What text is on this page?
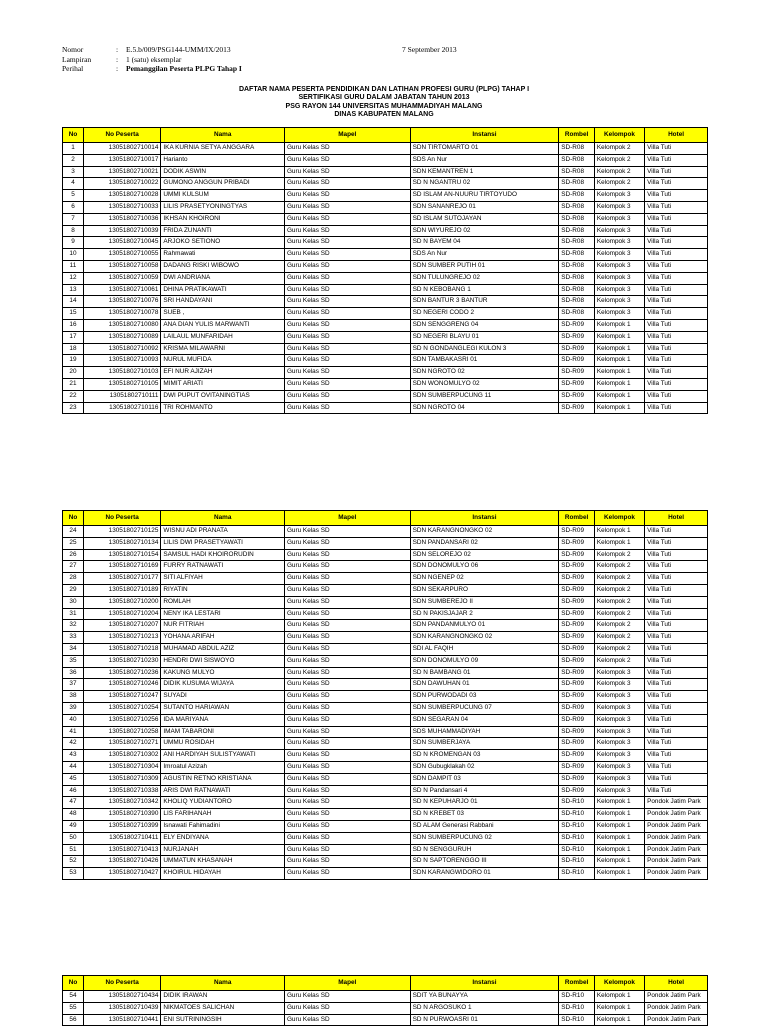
Nomor	: E.5.b/009/PSG144-UMM/IX/2013	7 September 2013
Lampiran	: 1 (satu) eksemplar
Perihal	: Pemanggilan Peserta PLPG Tahap I
DAFTAR NAMA PESERTA PENDIDIKAN DAN LATIHAN PROFESI GURU (PLPG) TAHAP I
SERTIFIKASI GURU DALAM JABATAN TAHUN 2013
PSG RAYON 144 UNIVERSITAS MUHAMMADIYAH MALANG
DINAS KABUPATEN MALANG
No	No Peserta	Nama	Mapel	Instansi	Rombel	Kelompok	Hotel
1	13051802710014	IKA KURNIA SETYA ANGGARA	Guru Kelas SD	SDN TIRTOMARTO 01	SD-R08	Kelompok 2	Villa Tuti
2	13051802710017	Harianto	Guru Kelas SD	SDS An Nur	SD-R08	Kelompok 2	Villa Tuti
3	13051802710021	DODIK ASWIN	Guru Kelas SD	SDN KEMANTREN 1	SD-R08	Kelompok 2	Villa Tuti
4	13051802710022	GUMONO ANGGUN PRIBADI	Guru Kelas SD	SD N NGANTRU 02	SD-R08	Kelompok 2	Villa Tuti
5	13051802710028	UMMI KULSUM	Guru Kelas SD	SD ISLAM AN-NUURU TIRTOYUDO	SD-R08	Kelompok 3	Villa Tuti
6	13051802710033	LILIS PRASETYONINGTYAS	Guru Kelas SD	SDN SANANREJO 01	SD-R08	Kelompok 3	Villa Tuti
7	13051802710036	IKHSAN KHOIRONI	Guru Kelas SD	SD ISLAM SUTOJAYAN	SD-R08	Kelompok 3	Villa Tuti
8	13051802710039	FRIDA ZUNANTI	Guru Kelas SD	SDN WIYUREJO 02	SD-R08	Kelompok 3	Villa Tuti
9	13051802710045	ARJOKO SETIONO	Guru Kelas SD	SD N BAYEM 04	SD-R08	Kelompok 3	Villa Tuti
10	13051802710055	Rahmawati	Guru Kelas SD	SDS An Nur	SD-R08	Kelompok 3	Villa Tuti
11	13051802710058	DADANG RISKI WIBOWO	Guru Kelas SD	SDN SUMBER PUTIH 01	SD-R08	Kelompok 3	Villa Tuti
12	13051802710059	DWI ANDRIANA	Guru Kelas SD	SDN TULUNGREJO 02	SD-R08	Kelompok 3	Villa Tuti
13	13051802710061	DHINA PRATIKAWATI	Guru Kelas SD	SD N KEBOBANG 1	SD-R08	Kelompok 3	Villa Tuti
14	13051802710076	SRI HANDAYANI	Guru Kelas SD	SDN BANTUR 3 BANTUR	SD-R08	Kelompok 3	Villa Tuti
15	13051802710078	SUEB ,	Guru Kelas SD	SD NEGERI CODO 2	SD-R08	Kelompok 3	Villa Tuti
16	13051802710080	ANA DIAN YULIS MARWANTI	Guru Kelas SD	SDN SENGGRENG 04	SD-R09	Kelompok 1	Villa Tuti
17	13051802710089	LAILAUL MUNFARIDAH	Guru Kelas SD	SD NEGERI BLAYU 01	SD-R09	Kelompok 1	Villa Tuti
18	13051802710092	KRISMA MILAWARNI	Guru Kelas SD	SD N GONDANGLEGI KULON 3	SD-R09	Kelompok 1	Villa Tuti
19	13051802710093	NURUL MUFIDA	Guru Kelas SD	SDN TAMBAKASRI 01	SD-R09	Kelompok 1	Villa Tuti
20	13051802710103	EFI NUR AJIZAH	Guru Kelas SD	SDN NGROTO 02	SD-R09	Kelompok 1	Villa Tuti
21	13051802710105	MIMIT ARIATI	Guru Kelas SD	SDN WONOMULYO 02	SD-R09	Kelompok 1	Villa Tuti
22	13051802710111	DWI PUPUT OVITANINGTIAS	Guru Kelas SD	SDN SUMBERPUCUNG 11	SD-R09	Kelompok 1	Villa Tuti
23	13051802710116	TRI ROHMANTO	Guru Kelas SD	SDN NGROTO 04	SD-R09	Kelompok 1	Villa Tuti
No	No Peserta	Nama	Mapel	Instansi	Rombel	Kelompok	Hotel
24	13051802710125	WISNU ADI PRANATA	Guru Kelas SD	SDN KARANGNONGKO 02	SD-R09	Kelompok 1	Villa Tuti
25	13051802710134	LILIS DWI PRASETYAWATI	Guru Kelas SD	SDN PANDANSARI 02	SD-R09	Kelompok 1	Villa Tuti
26	13051802710154	SAMSUL HADI KHOIRORUDIN	Guru Kelas SD	SDN SELOREJO 02	SD-R09	Kelompok 2	Villa Tuti
27	13051802710169	FURRY RATNAWATI	Guru Kelas SD	SDN DONOMULYO 06	SD-R09	Kelompok 2	Villa Tuti
28	13051802710177	SITI ALFIYAH	Guru Kelas SD	SDN NGENEP 02	SD-R09	Kelompok 2	Villa Tuti
29	13051802710189	RIYATIN	Guru Kelas SD	SDN SEKARPURO	SD-R09	Kelompok 2	Villa Tuti
30	13051802710200	ROMLAH	Guru Kelas SD	SDN SUMBEREJO II	SD-R09	Kelompok 2	Villa Tuti
31	13051802710204	NENY IKA LESTARI	Guru Kelas SD	SD N PAKISJAJAR 2	SD-R09	Kelompok 2	Villa Tuti
32	13051802710207	NUR FITRIAH	Guru Kelas SD	SDN PANDANMULYO 01	SD-R09	Kelompok 2	Villa Tuti
33	13051802710213	YOHANA ARIFAH	Guru Kelas SD	SDN KARANGNONGKO 02	SD-R09	Kelompok 2	Villa Tuti
34	13051802710218	MUHAMAD ABDUL AZIZ	Guru Kelas SD	SDI AL FAQIH	SD-R09	Kelompok 2	Villa Tuti
35	13051802710230	HENDRI DWI SISWOYO	Guru Kelas SD	SDN DONOMULYO 09	SD-R09	Kelompok 2	Villa Tuti
36	13051802710236	KAKUNG MULYO	Guru Kelas SD	SD N BAMBANG 01	SD-R09	Kelompok 3	Villa Tuti
37	13051802710246	DIDIK KUSUMA WIJAYA	Guru Kelas SD	SDN DAWUHAN 01	SD-R09	Kelompok 3	Villa Tuti
38	13051802710247	SUYADI	Guru Kelas SD	SDN PURWODADI 03	SD-R09	Kelompok 3	Villa Tuti
39	13051802710254	SUTANTO HARIAWAN	Guru Kelas SD	SDN SUMBERPUCUNG 07	SD-R09	Kelompok 3	Villa Tuti
40	13051802710256	IDA MARIYANA	Guru Kelas SD	SDN SEGARAN 04	SD-R09	Kelompok 3	Villa Tuti
41	13051802710258	IMAM TABARONI	Guru Kelas SD	SDS MUHAMMADIYAH	SD-R09	Kelompok 3	Villa Tuti
42	13051802710271	UMMU ROSIDAH	Guru Kelas SD	SDN SUMBERJAYA	SD-R09	Kelompok 3	Villa Tuti
43	13051802710302	ANI HARDIYAH SULISTYAWATI	Guru Kelas SD	SD N KROMENGAN 03	SD-R09	Kelompok 3	Villa Tuti
44	13051802710304	Imroatul Azizah	Guru Kelas SD	SDN Gubugklakah 02	SD-R09	Kelompok 3	Villa Tuti
45	13051802710309	AGUSTIN RETNO KRISTIANA	Guru Kelas SD	SDN DAMPIT 03	SD-R09	Kelompok 3	Villa Tuti
46	13051802710338	ARIS DWI RATNAWATI	Guru Kelas SD	SD N Pandansari 4	SD-R09	Kelompok 3	Villa Tuti
47	13051802710342	KHOLIQ YUDIANTORO	Guru Kelas SD	SD N KEPUHARJO 01	SD-R10	Kelompok 1	Pondok Jatim Park
48	13051802710390	LIS FARIHANAH	Guru Kelas SD	SD N KREBET 03	SD-R10	Kelompok 1	Pondok Jatim Park
49	13051802710399	Isnawati Fahimadini	Guru Kelas SD	SD ALAM Generasi Rabbani	SD-R10	Kelompok 1	Pondok Jatim Park
50	13051802710411	ELY ENDIYANA	Guru Kelas SD	SDN SUMBERPUCUNG 02	SD-R10	Kelompok 1	Pondok Jatim Park
51	13051802710413	NURJANAH	Guru Kelas SD	SD N SENGGURUH	SD-R10	Kelompok 1	Pondok Jatim Park
52	13051802710426	UMMATUN KHASANAH	Guru Kelas SD	SD N SAPTORENGGO III	SD-R10	Kelompok 1	Pondok Jatim Park
53	13051802710427	KHOIRUL HIDAYAH	Guru Kelas SD	SDN KARANGWIDORO 01	SD-R10	Kelompok 1	Pondok Jatim Park
No	No Peserta	Nama	Mapel	Instansi	Rombel	Kelompok	Hotel
54	13051802710434	DIDIK IRAWAN	Guru Kelas SD	SDIT YA BUNAYYA	SD-R10	Kelompok 1	Pondok Jatim Park
55	13051802710439	NIKMATOES SALICHAN	Guru Kelas SD	SD N ARGOSUKO 1	SD-R10	Kelompok 1	Pondok Jatim Park
56	13051802710441	ENI SUTRININGSIH	Guru Kelas SD	SD N PURWOASRI 01	SD-R10	Kelompok 1	Pondok Jatim Park
